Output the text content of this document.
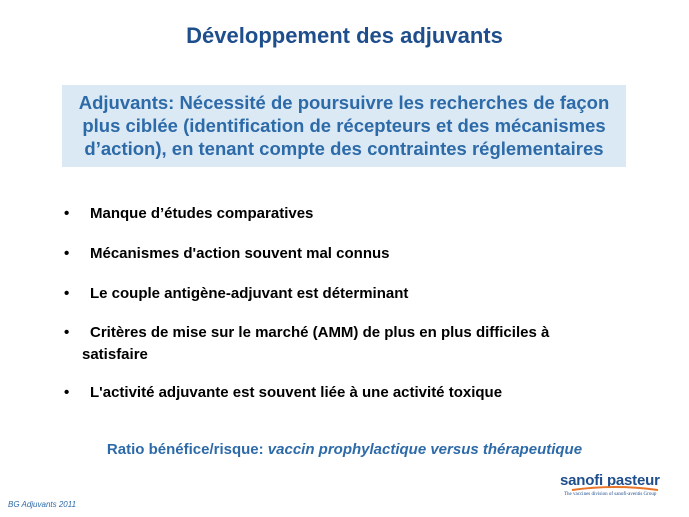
Développement des adjuvants
Adjuvants: Nécessité de poursuivre les recherches de façon
plus ciblée (identification de récepteurs et des mécanismes
d’action), en tenant compte des contraintes réglementaires
• Manque d’études comparatives
• Mécanismes d'action souvent mal connus
• Le couple antigène-adjuvant est déterminant
• Critères de mise sur le marché (AMM) de plus en plus difficiles à
satisfaire
• L'activité adjuvante est souvent liée à une activité toxique
Ratio bénéfice/risque: vaccin prophylactique versus thérapeutique
BG Adjuvants 2011
sanofi pasteur
The vaccines division of sanofi-aventis Group
